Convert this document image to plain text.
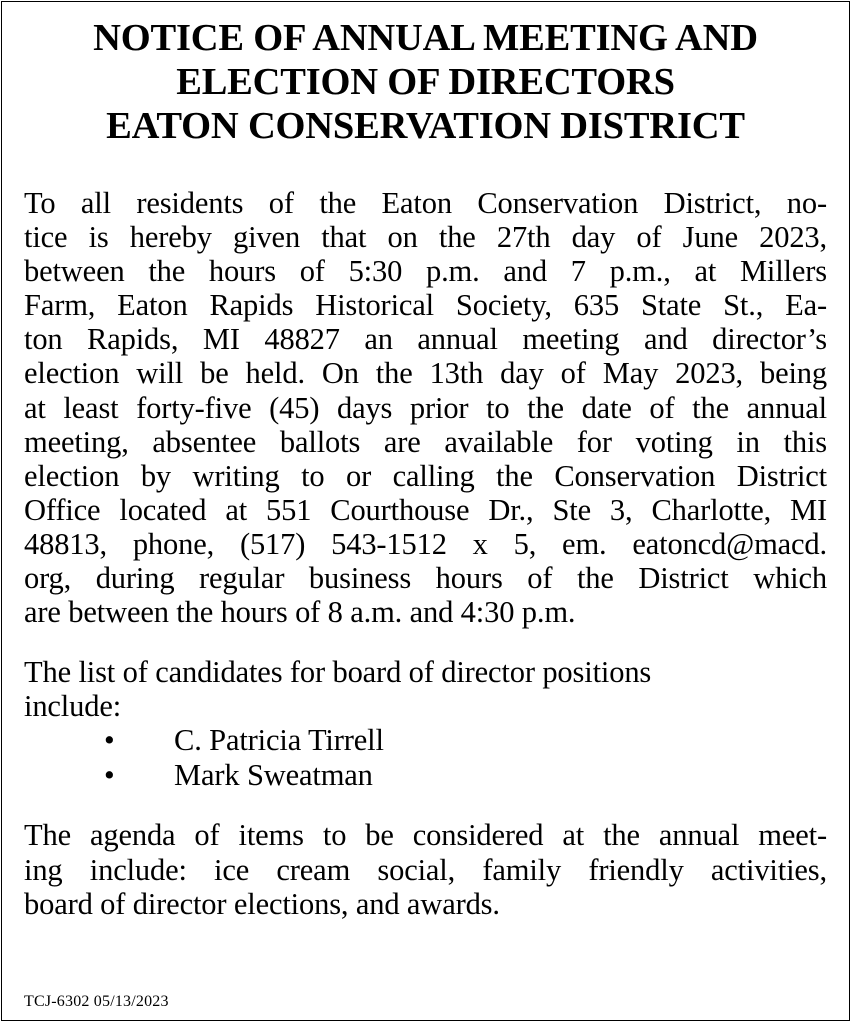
NOTICE OF ANNUAL MEETING AND
ELECTION OF DIRECTORS
EATON CONSERVATION DISTRICT
To all residents of the Eaton Conservation District, no-
tice is hereby given that on the 27th day of June 2023,
between the hours of 5:30 p.m. and 7 p.m., at Millers
Farm, Eaton Rapids Historical Society, 635 State St., Ea-
ton Rapids, MI 48827 an annual meeting and director’s
election will be held. On the 13th day of May 2023, being
at least forty-five (45) days prior to the date of the annual
meeting, absentee ballots are available for voting in this
election by writing to or calling the Conservation District
Office located at 551 Courthouse Dr., Ste 3, Charlotte, MI
48813, phone, (517) 543-1512 x 5, em. eatoncd@macd.
org, during regular business hours of the District which
are between the hours of 8 a.m. and 4:30 p.m.
The list of candidates for board of director positions
include:
• C. Patricia Tirrell
• Mark Sweatman
The agenda of items to be considered at the annual meet-
ing include: ice cream social, family friendly activities,
board of director elections, and awards.
TCJ-6302 05/13/2023
